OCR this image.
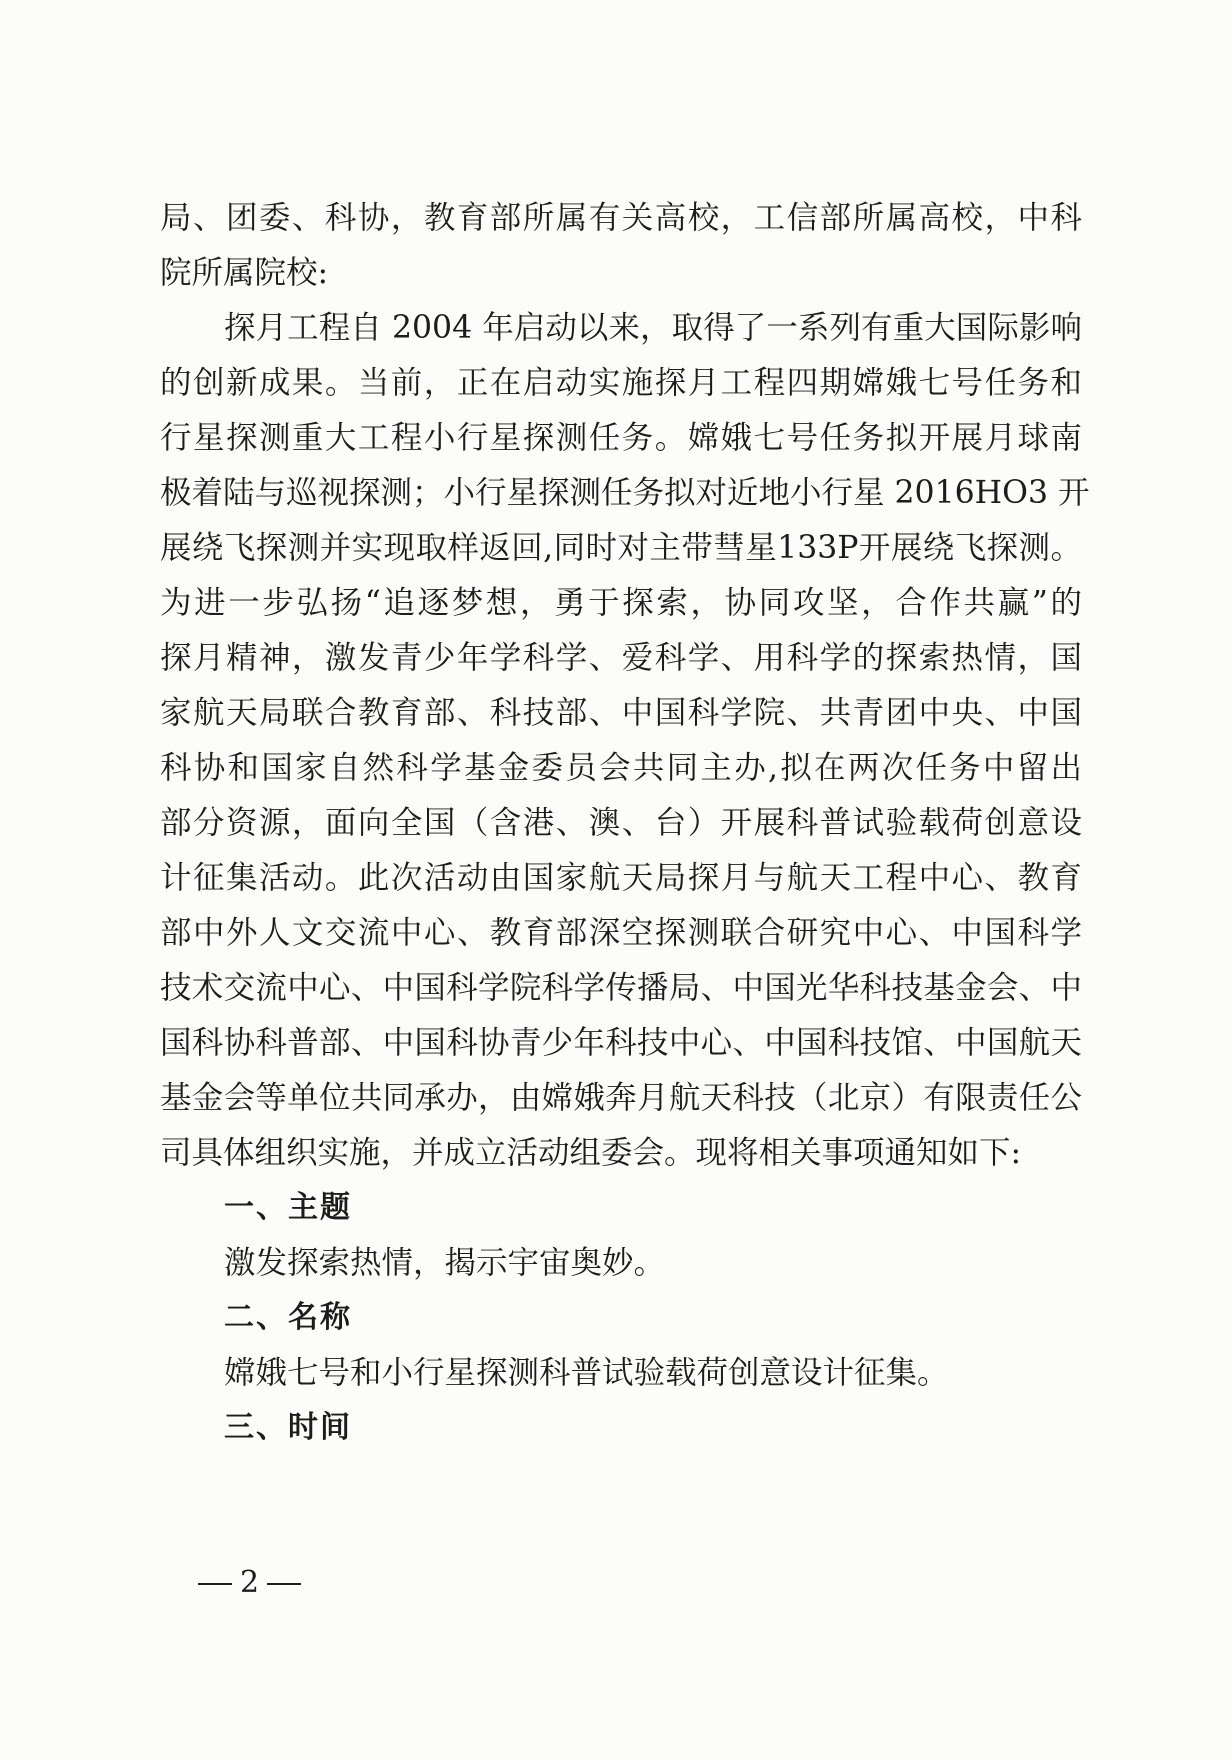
局、团委、科协，教育部所属有关高校，工信部所属高校，中科
院所属院校:
探月工程自 2004 年启动以来，取得了一系列有重大国际影响
的创新成果。当前，正在启动实施探月工程四期嫦娥七号任务和
行星探测重大工程小行星探测任务。嫦娥七号任务拟开展月球南
极着陆与巡视探测；小行星探测任务拟对近地小行星 2016HO3 开
展绕飞探测并实现取样返回,同时对主带彗星133P开展绕飞探测。
为进一步弘扬“追逐梦想，勇于探索，协同攻坚，合作共赢”的
探月精神，激发青少年学科学、爱科学、用科学的探索热情，国
家航天局联合教育部、科技部、中国科学院、共青团中央、中国
科协和国家自然科学基金委员会共同主办,拟在两次任务中留出
部分资源，面向全国（含港、澳、台）开展科普试验载荷创意设
计征集活动。此次活动由国家航天局探月与航天工程中心、教育
部中外人文交流中心、教育部深空探测联合研究中心、中国科学
技术交流中心、中国科学院科学传播局、中国光华科技基金会、中
国科协科普部、中国科协青少年科技中心、中国科技馆、中国航天
基金会等单位共同承办，由嫦娥奔月航天科技（北京）有限责任公
司具体组织实施，并成立活动组委会。现将相关事项通知如下:
一、主题
激发探索热情，揭示宇宙奥妙。
二、名称
嫦娥七号和小行星探测科普试验载荷创意设计征集。
三、时间
2
